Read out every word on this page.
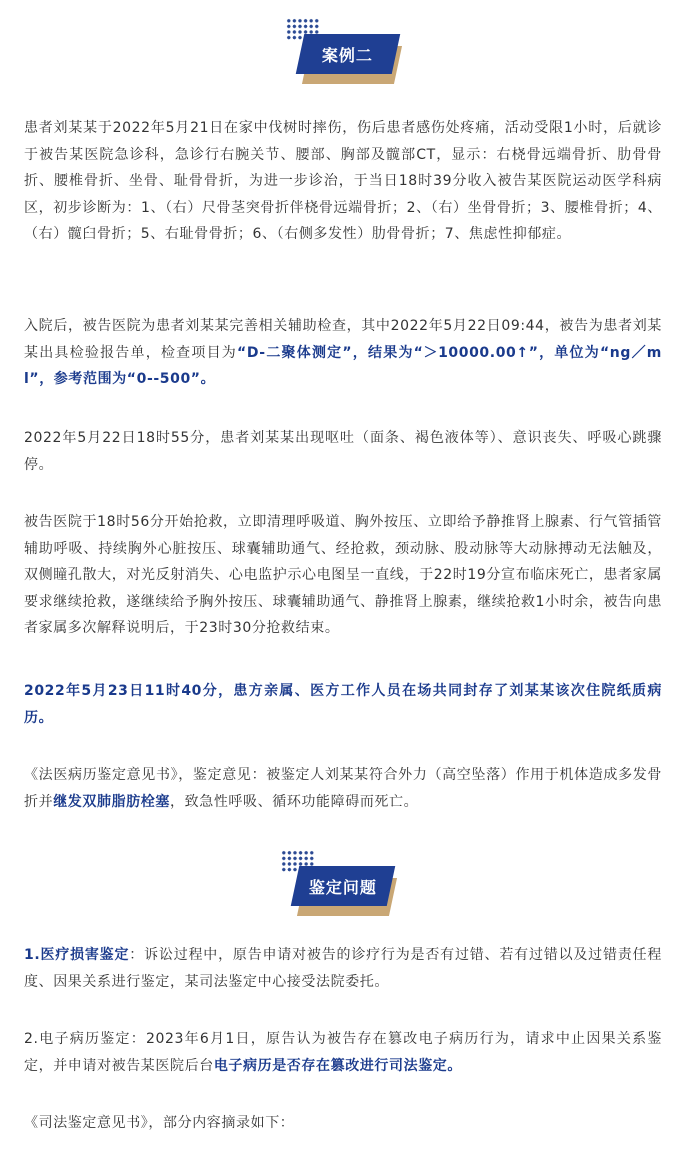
案例二

患者刘某某于2022年5月21日在家中伐树时摔伤，伤后患者感伤处疼痛，活动受限1小时，后就诊于被告某医院急诊科，急诊行右腕关节、腰部、胸部及髋部CT，显示：右桡骨远端骨折、肋骨骨折、腰椎骨折、坐骨、耻骨骨折，为进一步诊治，于当日18时39分收入被告某医院运动医学科病区，初步诊断为：1、（右）尺骨茎突骨折伴桡骨远端骨折；2、（右）坐骨骨折；3、腰椎骨折；4、（右）髋臼骨折；5、右耻骨骨折；6、（右侧多发性）肋骨骨折；7、焦虑性抑郁症。

入院后，被告医院为患者刘某某完善相关辅助检查，其中2022年5月22日09:44，被告为患者刘某某出具检验报告单，检查项目为“D-二聚体测定”，结果为“＞10000.00↑”，单位为“ng／ml”，参考范围为“0--500”。

2022年5月22日18时55分，患者刘某某出现呕吐（面条、褐色液体等）、意识丧失、呼吸心跳骤停。

被告医院于18时56分开始抢救，立即清理呼吸道、胸外按压、立即给予静推肾上腺素、行气管插管辅助呼吸、持续胸外心脏按压、球囊辅助通气、经抢救，颈动脉、股动脉等大动脉搏动无法触及，双侧瞳孔散大，对光反射消失、心电监护示心电图呈一直线，于22时19分宣布临床死亡，患者家属要求继续抢救，遂继续给予胸外按压、球囊辅助通气、静推肾上腺素，继续抢救1小时余，被告向患者家属多次解释说明后，于23时30分抢救结束。

2022年5月23日11时40分，患方亲属、医方工作人员在场共同封存了刘某某该次住院纸质病历。

《法医病历鉴定意见书》，鉴定意见：被鉴定人刘某某符合外力（高空坠落）作用于机体造成多发骨折并继发双肺脂肪栓塞，致急性呼吸、循环功能障碍而死亡。

鉴定问题

1.医疗损害鉴定：诉讼过程中，原告申请对被告的诊疗行为是否有过错、若有过错以及过错责任程度、因果关系进行鉴定，某司法鉴定中心接受法院委托。

2.电子病历鉴定：2023年6月1日，原告认为被告存在篡改电子病历行为，请求中止因果关系鉴定，并申请对被告某医院后台电子病历是否存在篡改进行司法鉴定。

《司法鉴定意见书》，部分内容摘录如下：
